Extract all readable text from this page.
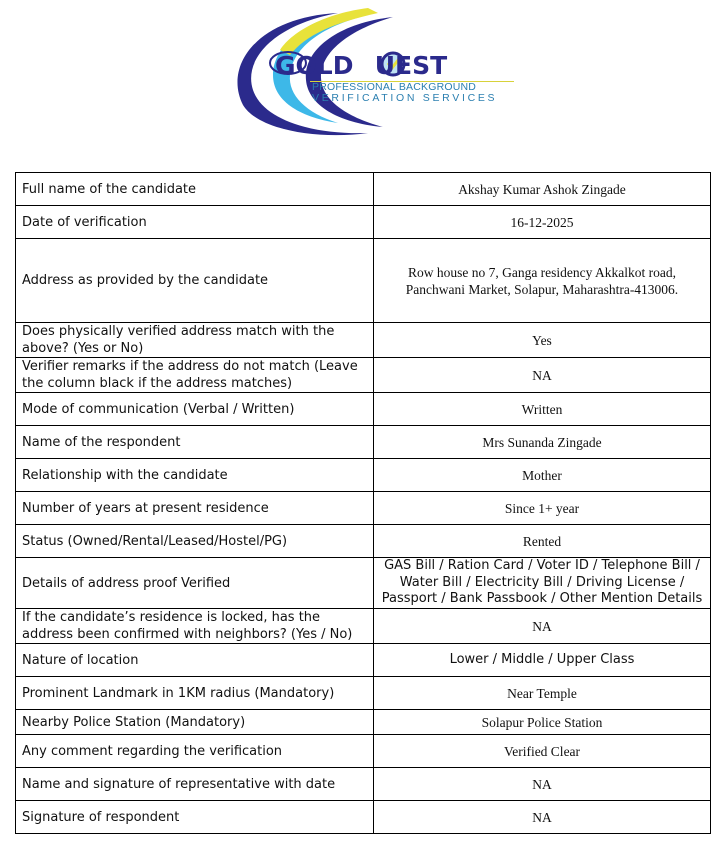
GOLD UEST
PROFESSIONAL BACKGROUND
VERIFICATION SERVICES
Full name of the candidate	Akshay Kumar Ashok Zingade
Date of verification	16-12-2025
Address as provided by the candidate	Row house no 7, Ganga residency Akkalkot road, Panchwani Market, Solapur, Maharashtra-413006.
Does physically verified address match with the above? (Yes or No)	Yes
Verifier remarks if the address do not match (Leave the column black if the address matches)	NA
Mode of communication (Verbal / Written)	Written
Name of the respondent	Mrs Sunanda Zingade
Relationship with the candidate	Mother
Number of years at present residence	Since 1+ year
Status (Owned/Rental/Leased/Hostel/PG)	Rented
Details of address proof Verified	GAS Bill / Ration Card / Voter ID / Telephone Bill / Water Bill / Electricity Bill / Driving License / Passport / Bank Passbook / Other Mention Details
If the candidate’s residence is locked, has the address been confirmed with neighbors? (Yes / No)	NA
Nature of location	Lower / Middle / Upper Class
Prominent Landmark in 1KM radius (Mandatory)	Near Temple
Nearby Police Station (Mandatory)	Solapur Police Station
Any comment regarding the verification	Verified Clear
Name and signature of representative with date	NA
Signature of respondent	NA
